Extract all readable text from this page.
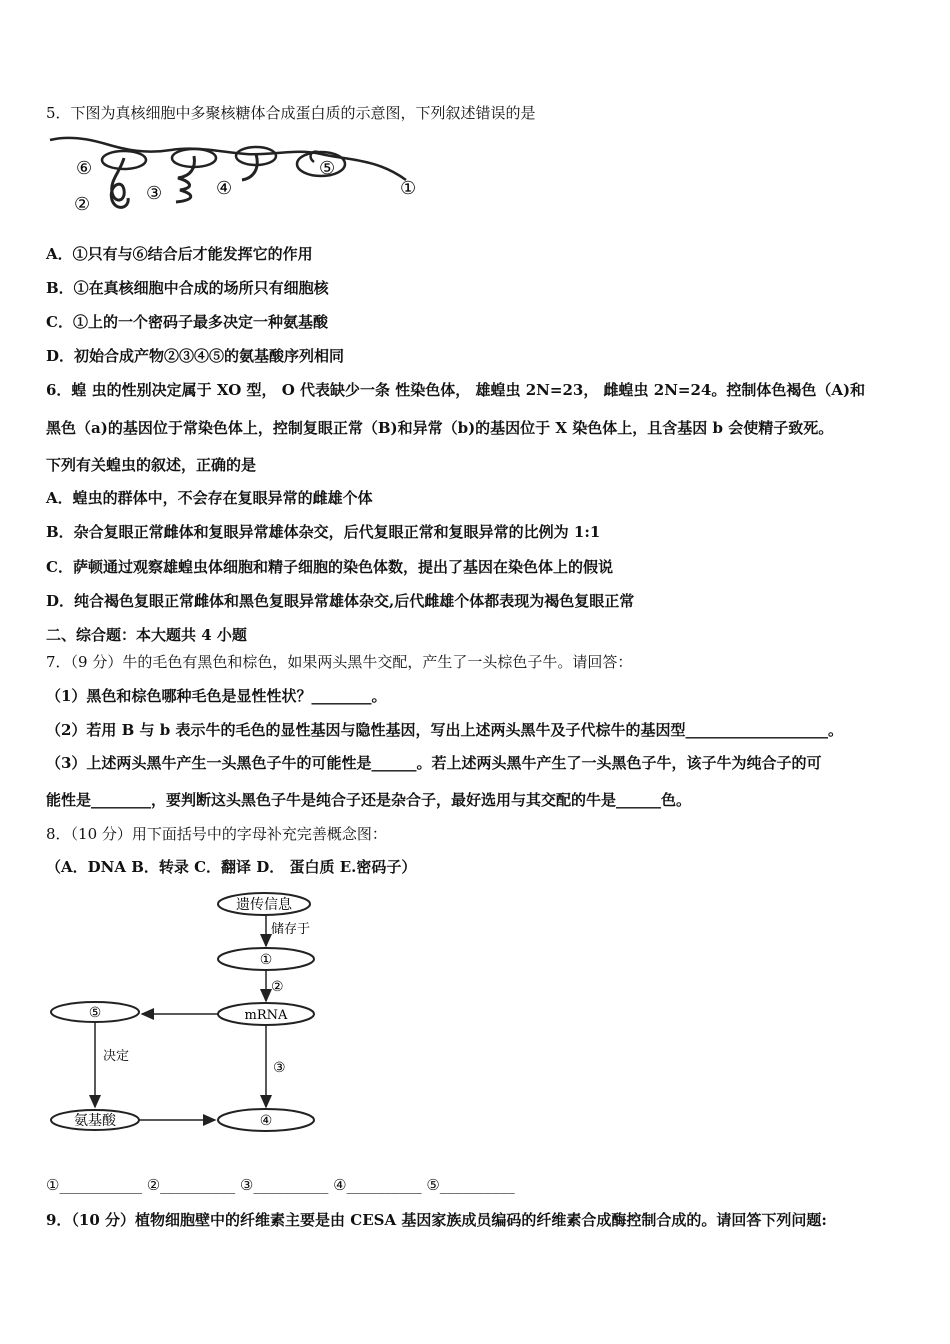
5．下图为真核细胞中多聚核糖体合成蛋白质的示意图，下列叙述错误的是
⑥
②
③	④
⑤
①
A．①只有与⑥结合后才能发挥它的作用
B．①在真核细胞中合成的场所只有细胞核
C．①上的一个密码子最多决定一种氨基酸
D．初始合成产物②③④⑤的氨基酸序列相同
6．蝗 虫的性别决定属于 XO 型， O 代表缺少一条 性染色体， 雄蝗虫 2N=23， 雌蝗虫 2N=24。控制体色褐色（A)和
黑色（a)的基因位于常染色体上，控制复眼正常（B)和异常（b)的基因位于 X 染色体上，且含基因 b 会使精子致死。
下列有关蝗虫的叙述，正确的是
A．蝗虫的群体中，不会存在复眼异常的雌雄个体
B．杂合复眼正常雌体和复眼异常雄体杂交，后代复眼正常和复眼异常的比例为 1:1
C．萨顿通过观察雄蝗虫体细胞和精子细胞的染色体数，提出了基因在染色体上的假说
D．纯合褐色复眼正常雌体和黑色复眼异常雄体杂交,后代雌雄个体都表现为褐色复眼正常
二、综合题：本大题共 4 小题
7．（9 分）牛的毛色有黑色和棕色，如果两头黑牛交配，产生了一头棕色子牛。请回答：
（1）黑色和棕色哪种毛色是显性性状？________。
（2）若用 B 与 b 表示牛的毛色的显性基因与隐性基因，写出上述两头黑牛及子代棕牛的基因型___________________。
（3）上述两头黑牛产生一头黑色子牛的可能性是______。若上述两头黑牛产生了一头黑色子牛，该子牛为纯合子的可
能性是________，要判断这头黑色子牛是纯合子还是杂合子，最好选用与其交配的牛是______色。
8．（10 分）用下面括号中的字母补充完善概念图：
（A．DNA B．转录 C．翻译 D． 蛋白质 E.密码子）
遗传信息
①
mRNA
⑤
氨基酸	④
储存于
②
决定
③
①___________ ②__________ ③__________ ④__________ ⑤__________
9．（10 分）植物细胞壁中的纤维素主要是由 CESA 基因家族成员编码的纤维素合成酶控制合成的。请回答下列问题:
